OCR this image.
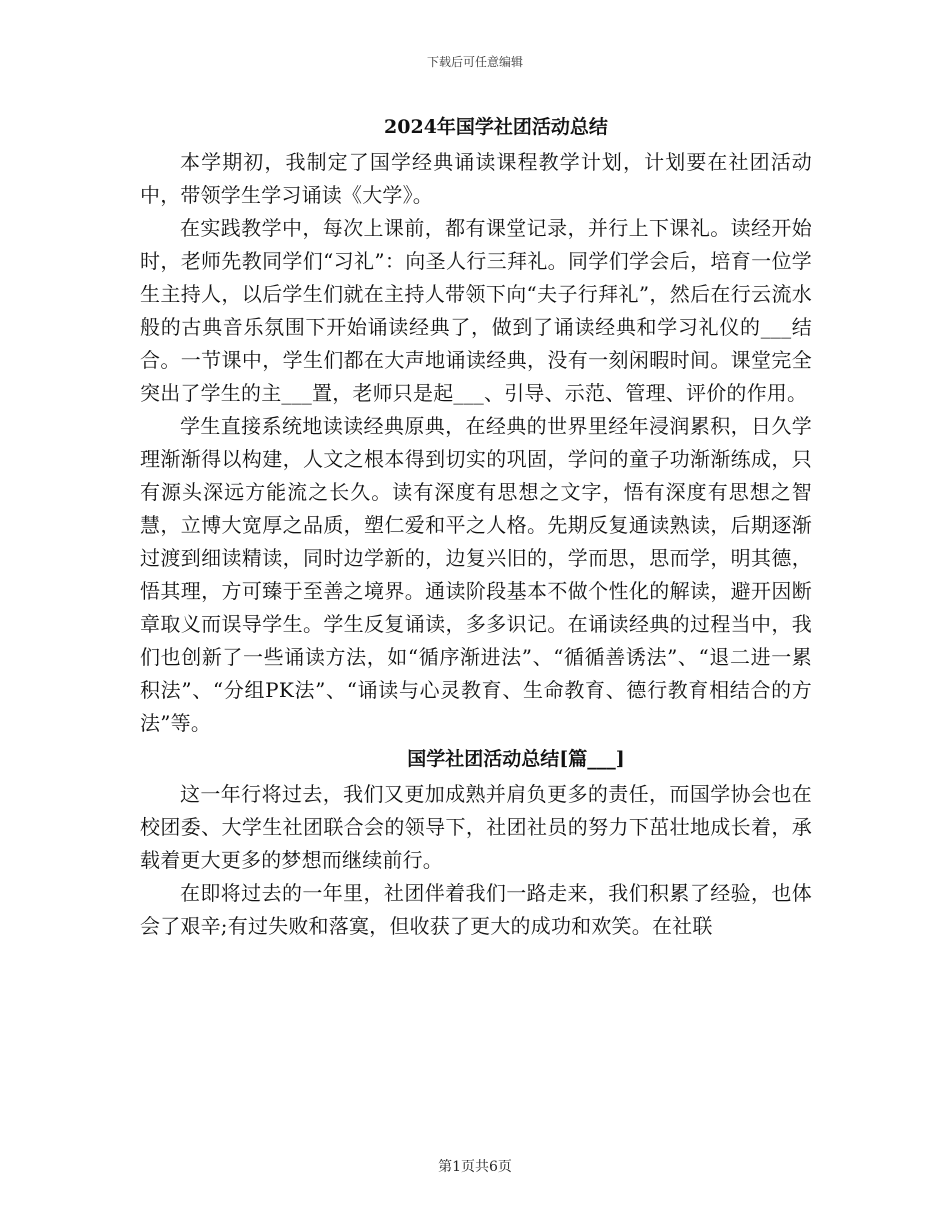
下载后可任意编辑
2024年国学社团活动总结

本学期初，我制定了国学经典诵读课程教学计划，计划要在社团活动中，带领学生学习诵读《大学》。

在实践教学中，每次上课前，都有课堂记录，并行上下课礼。读经开始时，老师先教同学们“习礼”：向圣人行三拜礼。同学们学会后，培育一位学生主持人，以后学生们就在主持人带领下向“夫子行拜礼”，然后在行云流水般的古典音乐氛围下开始诵读经典了，做到了诵读经典和学习礼仪的___结合。一节课中，学生们都在大声地诵读经典，没有一刻闲暇时间。课堂完全突出了学生的主___置，老师只是起___、引导、示范、管理、评价的作用。

学生直接系统地读读经典原典，在经典的世界里经年浸润累积，日久学理渐渐得以构建，人文之根本得到切实的巩固，学问的童子功渐渐练成，只有源头深远方能流之长久。读有深度有思想之文字，悟有深度有思想之智慧，立博大宽厚之品质，塑仁爱和平之人格。先期反复通读熟读，后期逐渐过渡到细读精读，同时边学新的，边复兴旧的，学而思，思而学，明其德，悟其理，方可臻于至善之境界。通读阶段基本不做个性化的解读，避开因断章取义而误导学生。学生反复诵读，多多识记。在诵读经典的过程当中，我们也创新了一些诵读方法，如“循序渐进法”、“循循善诱法”、“退二进一累积法”、“分组PK法”、“诵读与心灵教育、生命教育、德行教育相结合的方法”等。

国学社团活动总结[篇___]

这一年行将过去，我们又更加成熟并肩负更多的责任，而国学协会也在校团委、大学生社团联合会的领导下，社团社员的努力下茁壮地成长着，承载着更大更多的梦想而继续前行。

在即将过去的一年里，社团伴着我们一路走来，我们积累了经验，也体会了艰辛;有过失败和落寞，但收获了更大的成功和欢笑。在社联

第1页共6页
